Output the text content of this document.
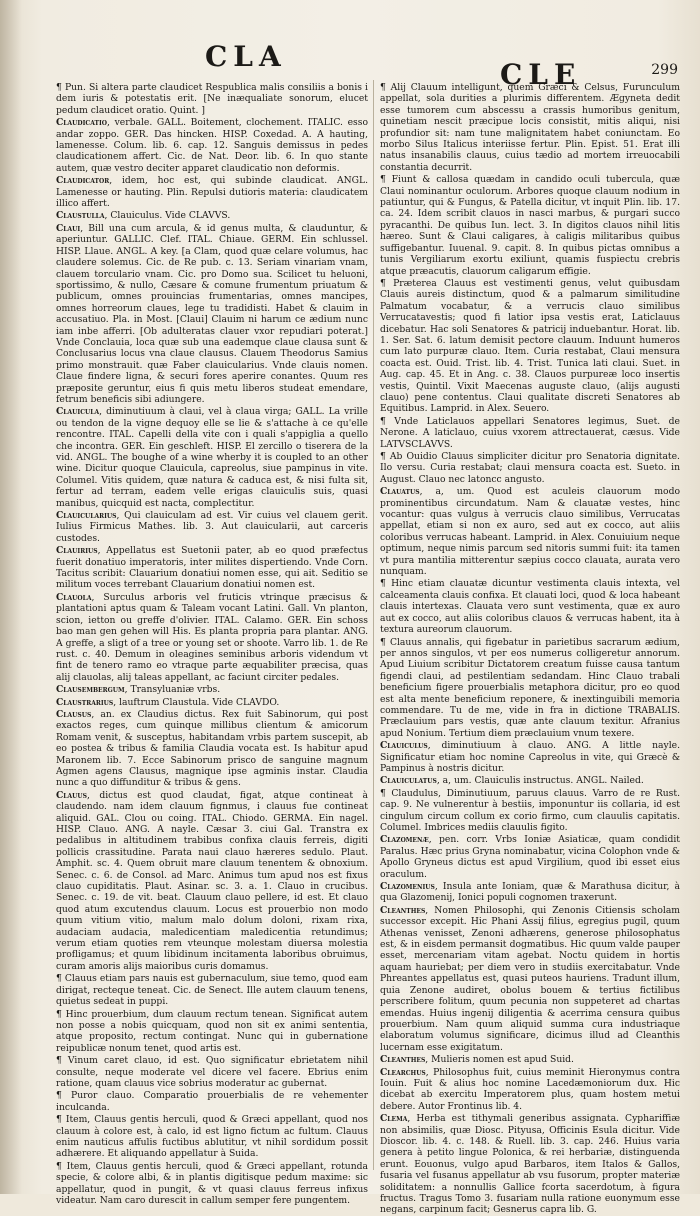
CLA
CLE	299

¶ Pun. Si altera parte claudicet Respublica malis consiliis a bonis i dem iuris & potestatis erit. [Ne inæqualiate sonorum, elucet pedum claudicet oratio. Quint. ]

Claudicatio, verbale. GALL. Boitement, clochement. ITALIC. esso andar zoppo. GER. Das hincken. HISP. Coxedad. A. A hauting, lamenesse. Colum. lib. 6. cap. 12. Sanguis demissus in pedes claudicationem affert. Cic. de Nat. Deor. lib. 6. In quo stante autem, quæ vestro deciter apparet claudicatio non deformis.

Claudicator, idem, hoc est, qui subinde claudicat. ANGL. Lamenesse or hauting. Plin. Repulsi dutioris materia: claudicatem illico affert.

Claustulla, Clauiculus. Vide CLAVVS.

Claui, Bill una cum arcula, & id genus multa, & clauduntur, & aperiuntur. GALLIC. Clef. ITAL. Chiaue. GERM. Ein schlussel. HISP. Llaue. ANGL. A key. [a Clam, quod quæ celare volumus, hac claudere solemus. Cic. de Re pub. c. 13. Seriam vinariam vnam, clauem torculario vnam. Cic. pro Domo sua. Scilicet tu heluoni, sportissimo, & nullo, Cæsare & comune frumentum priuatum & publicum, omnes prouincias frumentarias, omnes mancipes, omnes horreorum claues, lege tu tradidisti. Habet & clauim in accusatiuo. Pla. in Most. [Claui] Clauim ni harum ce ædium nunc iam inbe afferri. [Ob adulteratas clauer vxor repudiari poterat.] Vnde Conclauia, loca quæ sub una eademque claue clausa sunt & Conclusarius locus vna claue clausus. Clauem Theodorus Samius primo monstrauit. quæ Faber clauicularius. Vnde clauis nomen. Claue findere ligna, & securi fores aperire conantes. Quum res præposite geruntur, eius fi quis metu liberos studeat emendare, fetrum beneficis sibi adiungere.

Clauicula, diminutiuum à claui, vel à claua virga; GALL. La vrille ou tendon de la vigne dequoy elle se lie & s'attache à ce qu'elle rencontre. ITAL. Capelli della vite con i quali s'appiglia a quello che incontra. GER. Ein geschleft. HISP. El zercillo o tiserera de la vid. ANGL. The boughe of a wine wherby it is coupled to an other wine. Dicitur quoque Clauicula, capreolus, siue pampinus in vite. Columel. Vitis quidem, quæ natura & caduca est, & nisi fulta sit, fertur ad terram, eadem velle erigas clauiculis suis, quasi manibus, quicquid est nacta, complectitur.

Clauicularius, Qui clauiculam ad est. Vir cuius vel clauem gerit. Iulius Firmicus Mathes. lib. 3. Aut clauicularii, aut carceris custodes.

Clauirius, Appellatus est Suetonii pater, ab eo quod præfectus fuerit donatiuo imperatoris, inter milites dispertiendo. Vnde Corn. Tacitus scribit: Clauarium donatiui nomen esse, qui ait. Seditio se militum voces terrebant Clauarium donatiui nomen est.

Clauola, Surculus arboris vel fruticis vtrinque præcisus & plantationi aptus quam & Taleam vocant Latini. Gall. Vn planton, scion, ietton ou greffe d'olivier. ITAL. Calamo. GER. Ein schoss bao man gen gehen will His. Es planta propria para plantar. ANG. A greffe, a sligt of a tree or young set or shoote. Varro lib. 1. de Re rust. c. 40. Demum in oleagines seminibus arboris videndum vt fint de tenero ramo eo vtraque parte æquabiliter præcisa, quas alij clauolas, alij taleas appellant, ac faciunt circiter pedales.

Clausembergum, Transyluaniæ vrbs.

Claustrarius, lauftrum Claustula. Vide CLAVDO.

Clausus, an. ex Claudius dictus. Rex fuit Sabinorum, qui post exactos reges, cum quinque millibus clientum & amicorum Romam venit, & susceptus, habitandam vrbis partem suscepit, ab eo postea & tribus & familia Claudia vocata est. Is habitur apud Maronem lib. 7. Ecce Sabinorum prisco de sanguine magnum Agmen agens Clausus, magnique ipse agminis instar. Claudia nunc a quo diffunditur & tribus & gens.

Clauus, dictus est quod claudat, figat, atque contineat à claudendo. nam idem clauum fignmus, i clauus fue contineat aliquid. GAL. Clou ou coing. ITAL. Chiodo. GERMA. Ein nagel. HISP. Clauo. ANG. A nayle. Cæsar 3. ciui Gal. Transtra ex pedalibus in altitudinem trabibus confixa clauis ferreis, digiti pollicis crassitudine. Parata naui clauo hæreres sedulo. Plaut. Amphit. sc. 4. Quem obruit mare clauum tenentem & obnoxium. Senec. c. 6. de Consol. ad Marc. Animus tum apud nos est fixus clauo cupiditatis. Plaut. Asinar. sc. 3. a. 1. Clauo in crucibus. Senec. c. 19. de vit. beat. Clauum clauo pellere, id est. Et clauo quod atum excutendus clauum. Locus est prouerbio non modo quum vitium vitio, malum malo dolum doloni, rixam rixa, audaciam audacia, maledicentiam maledicentia retundimus; verum etiam quoties rem vteunque molestam diuersa molestia profligamus; et quum libidinum incitamenta laboribus obruimus, curam amoris alijs maioribus curis domamus.

¶ Clauus etiam pars nauis est gubernaculum, siue temo, quod eam dirigat, recteque teneat. Cic. de Senect. Ille autem clauum tenens, quietus sedeat in puppi.

¶ Hinc prouerbium, dum clauum rectum tenean. Significat autem non posse a nobis quicquam, quod non sit ex animi sententia, atque proposito, rectum contingat. Nunc qui in gubernatione reipublicæ nonum tenet, quod artis est.

¶ Vinum caret clauo, id est. Quo significatur ebrietatem nihil consulte, neque moderate vel dicere vel facere. Ebrius enim ratione, quam clauus vice sobrius moderatur ac gubernat.

¶ Puror clauo. Comparatio prouerbialis de re vehementer inculcanda.

¶ Item, Clauus gentis herculi, quod & Græci appellant, quod nos clauum à colore est, à calo, id est ligno fictum ac fultum. Clauus enim nauticus affulis fuctibus ablutitur, vt nihil sordidum possit adhærere. Et aliquando appellatur à Suida.

¶ Item, Clauus gentis herculi, quod & Græci appellant, rotunda specie, & colore albi, & in plantis digitisque pedum maxime: sic appellatur, quod in pungit, & vt quasi clauus ferreus infixus videatur. Nam caro durescit in callum semper fere pungentem.

¶ Alij Clauum intelligunt, quem Græci & Celsus, Furunculum appellat, sola durities a plurimis differentem. Ægyneta dedit esse tumorem cum abscessu a crassis humoribus genitum, quinetiam nescit præcipue locis consistit, mitis aliqui, nisi profundior sit: nam tune malignitatem habet coniunctam. Eo morbo Silus Italicus interiisse fertur. Plin. Epist. 51. Erat illi natus insanabilis clauus, cuius tædio ad mortem irreuocabili constantia decurrit.

¶ Fiunt & callosa quædam in candido oculi tubercula, quæ Claui nominantur oculorum. Arbores quoque clauum nodium in patiuntur, qui & Fungus, & Patella dicitur, vt inquit Plin. lib. 17. ca. 24. Idem scribit clauos in nasci marbus, & purgari succo pyracanthi. De quibus Iun. lect. 3. In digitos clauos nihil litis hæreo. Sunt & Claui caligares, à caligis militaribus quibus suffigebantur. Iuuenal. 9. capit. 8. In quibus pictas omnibus a tunis Vergiliarum exortu exiliunt, quamis fuspiectu crebris atque præacutis, clauorum caligarum effigie.

¶ Præterea Clauus est vestimenti genus, velut quibusdam Clauis aureis distinctum, quod & a palmarum similitudine Palmatum vocabatur, & a verrucis clauo similibus Verrucatavestis; quod fi latior ipsa vestis erat, Laticlauus dicebatur. Hac soli Senatores & patricij induebantur. Horat. lib. 1. Ser. Sat. 6. latum demisit pectore clauum. Induunt humeros cum lato purpuræ clauo. Item. Curia restabat, Claui mensura coacta est. Ouid. Trist. lib. 4. Trist. Tunica lati claui. Suet. in Aug. cap. 45. Et in Ang. c. 38. Clauos purpureæ loco insertis vestis, Quintil. Vixit Maecenas auguste clauo, (alijs augusti clauo) pene contentus. Claui qualitate discreti Senatores ab Equitibus. Lamprid. in Alex. Seuero.

¶ Vnde Laticlauos appellari Senatores legimus, Suet. de Nerone. A laticlauo, cuius vxorem attrectauerat, cæsus. Vide LATVSCLAVVS.

¶ Ab Ouidio Clauus simpliciter dicitur pro Senatoria dignitate. Ilo versu. Curia restabat; claui mensura coacta est. Sueto. in August. Clauo nec latoncc angusto.

Clauatus, a, um. Quod est aculeis clauorum modo prominentibus circundatum. Nam & clauatæ vestes, hinc vocantur: quas vulgus à verrucis clauo similibus, Verrucatas appellat, etiam si non ex auro, sed aut ex cocco, aut aliis coloribus verrucas habeant. Lamprid. in Alex. Conuiuium neque optimum, neque nimis parcum sed nitoris summi fuit: ita tamen vt pura mantilia mitterentur sæpius cocco clauata, aurata vero nunquam.

¶ Hinc etiam clauatæ dicuntur vestimenta clauis intexta, vel calceamenta clauis confixa. Et clauati loci, quod & loca habeant clauis intertexas. Clauata vero sunt vestimenta, quæ ex auro aut ex cocco, aut aliis coloribus clauos & verrucas habent, ita à textura aureorum clauorum.

¶ Clauus annalis, qui figebatur in parietibus sacrarum ædium, per annos singulos, vt per eos numerus colligeretur annorum. Apud Liuium scribitur Dictatorem creatum fuisse causa tantum figendi claui, ad pestilentiam sedandam. Hinc Clauo trabali beneficium figere prouerbialis metaphora dicitur, pro eo quod est alta mente beneficium reponere, & inextinguibili memoria commendare. Tu de me, vide in fra in dictione TRABALIS. Præclauium pars vestis, quæ ante clauum texitur. Afranius apud Nonium. Tertium diem præclauium vnum texere.

Clauiculus, diminutiuum à clauo. ANG. A little nayle. Significatur etiam hoc nomine Capreolus in vite, qui Græcè & Pampinus à nostris dicitur.

Clauiculatus, a, um. Clauiculis instructus. ANGL. Nailed.

¶ Claudulus, Diminutiuum, paruus clauus. Varro de re Rust. cap. 9. Ne vulnerentur à bestiis, imponuntur iis collaria, id est cingulum circum collum ex corio firmo, cum clauulis capitatis. Columel. Imbrices mediis clauulis figito.

Clazomenæ, pen. corr. Vrbs Ioniæ Asiaticæ, quam condidit Paralus. Hæc prius Gryna nominabatur, vicina Colophon vnde & Apollo Gryneus dictus est apud Virgilium, quod ibi esset eius oraculum.

Clazomenius, Insula ante Ioniam, quæ & Marathusa dicitur, à qua Glazomenij, Ionici populi cognomen traxerunt.

Cleanthes, Nomen Philosophi, qui Zenonis Citiensis scholam successor excepit. Hic Phani Assij filius, egregius pugil, quum Athenas venisset, Zenoni adhærens, generose philosophatus est, & in eisdem permansit dogmatibus. Hic quum valde pauper esset, mercenariam vitam agebat. Noctu quidem in hortis aquam hauriebat; per diem vero in studiis exercitabatur. Vnde Phreantes appellatus est, quasi puteos hauriens. Tradunt illum, quia Zenone audiret, obolus bouem & tertius fictilibus perscribere folitum, quum pecunia non suppeteret ad chartas emendas. Huius ingenij diligentia & acerrima censura quibus prouerbium. Nam quum aliquid summa cura industriaque elaboratum volumus significare, dicimus illud ad Cleanthis lucernam esse exigitatum.

Cleanthes, Mulieris nomen est apud Suid.

Clearchus, Philosophus fuit, cuius meminit Hieronymus contra Iouin. Fuit & alius hoc nomine Lacedæmoniorum dux. Hic dicebat ab exercitu Imperatorem plus, quam hostem metui debere. Autor Frontinus lib. 4.

Clema, Herba est tithymali generibus assignata. Cyphariffiæ non absimilis, quæ Diosc. Pityusa, Officinis Esula dicitur. Vide Dioscor. lib. 4. c. 148. & Ruell. lib. 3. cap. 246. Huius varia genera à petito lingue Polonica, & rei herbariæ, distinguenda erunt. Eouonus, vulgo apud Barbaros, item Italos & Gallos, fusaria vel fusanus appellatur ab vsu fusorum, propter materiæ soliditatem: a nonnullis Gallice fcorta sacerdotum, à figura fructus. Tragus Tomo 3. fusariam nulla ratione euonymum esse negans, carpinum facit; Gesnerus capra lib. G.
